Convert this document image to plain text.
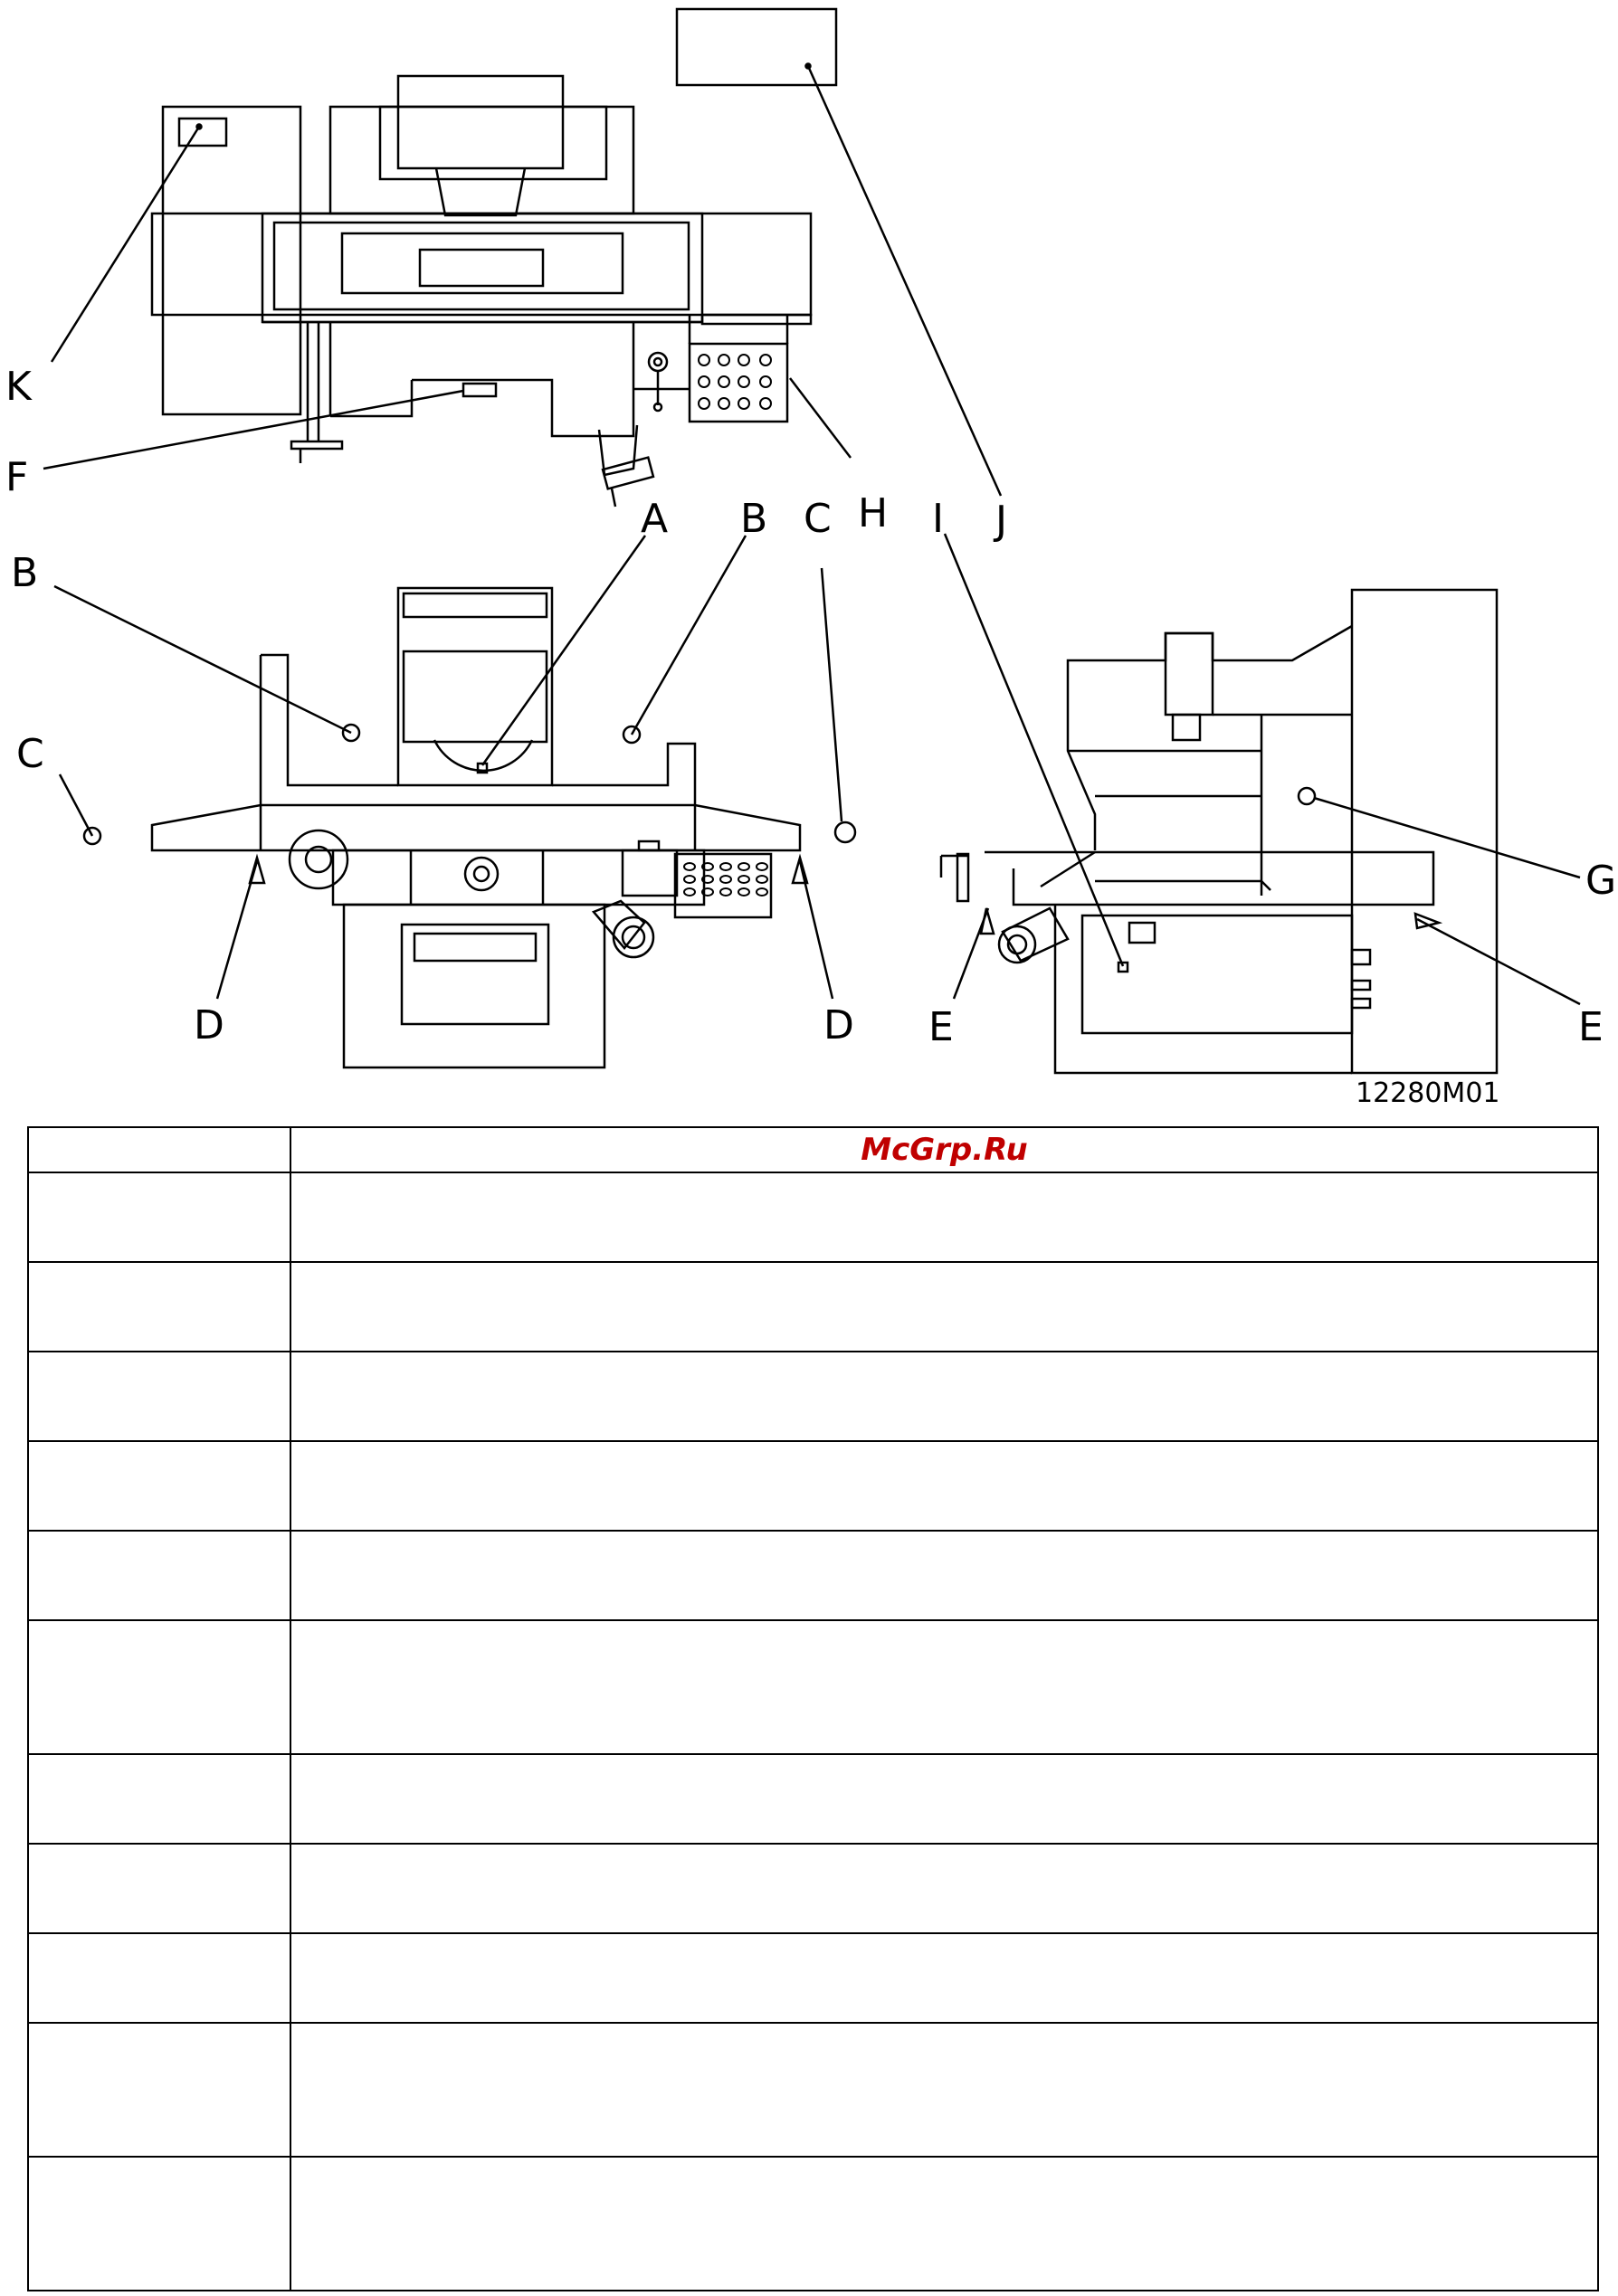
K
F
H	J
B
A B C
C
D	D
I
G
E	E
12280M01
	McGrp.Ru
